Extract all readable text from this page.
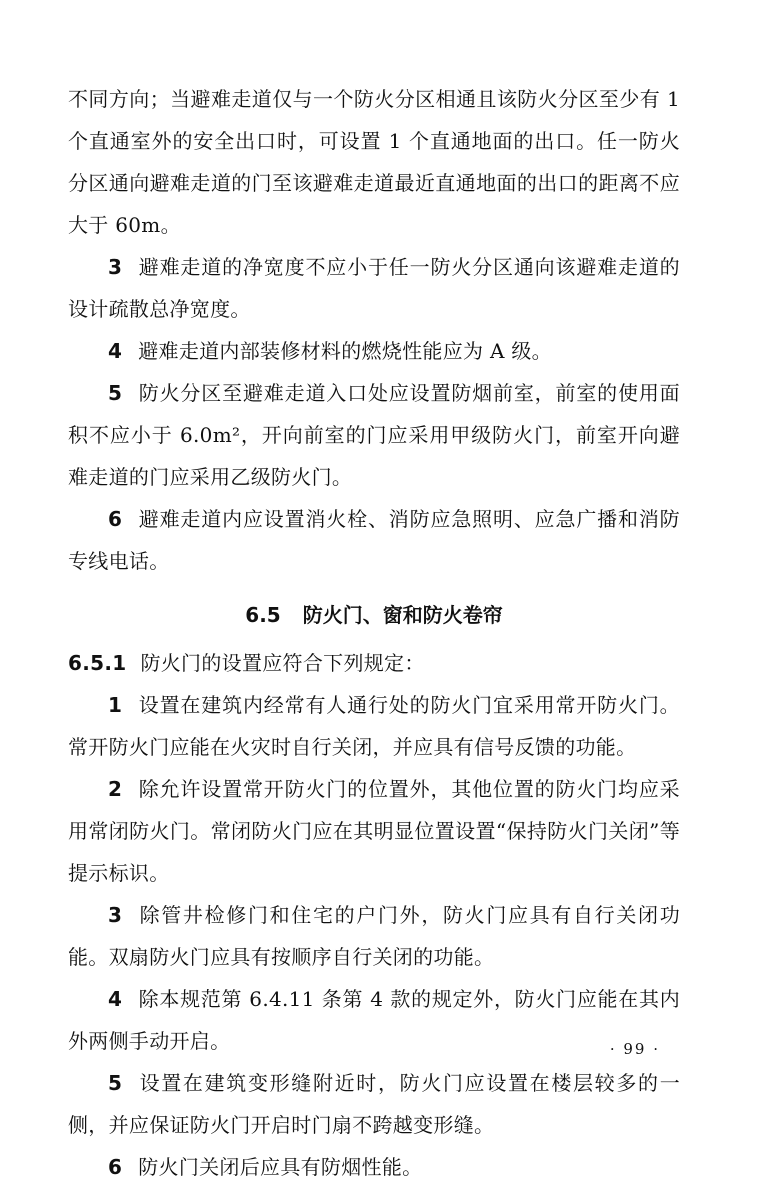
不同方向；当避难走道仅与一个防火分区相通且该防火分区至少有 1 个直通室外的安全出口时，可设置 1 个直通地面的出口。任一防火分区通向避难走道的门至该避难走道最近直通地面的出口的距离不应大于 60m。

3 避难走道的净宽度不应小于任一防火分区通向该避难走道的设计疏散总净宽度。

4 避难走道内部装修材料的燃烧性能应为 A 级。

5 防火分区至避难走道入口处应设置防烟前室，前室的使用面积不应小于 6.0m²，开向前室的门应采用甲级防火门，前室开向避难走道的门应采用乙级防火门。

6 避难走道内应设置消火栓、消防应急照明、应急广播和消防专线电话。

6.5 防火门、窗和防火卷帘

6.5.1 防火门的设置应符合下列规定：

1 设置在建筑内经常有人通行处的防火门宜采用常开防火门。常开防火门应能在火灾时自行关闭，并应具有信号反馈的功能。

2 除允许设置常开防火门的位置外，其他位置的防火门均应采用常闭防火门。常闭防火门应在其明显位置设置“保持防火门关闭”等提示标识。

3 除管井检修门和住宅的户门外，防火门应具有自行关闭功能。双扇防火门应具有按顺序自行关闭的功能。

4 除本规范第 6.4.11 条第 4 款的规定外，防火门应能在其内外两侧手动开启。

5 设置在建筑变形缝附近时，防火门应设置在楼层较多的一侧，并应保证防火门开启时门扇不跨越变形缝。

6 防火门关闭后应具有防烟性能。

· 99 ·
